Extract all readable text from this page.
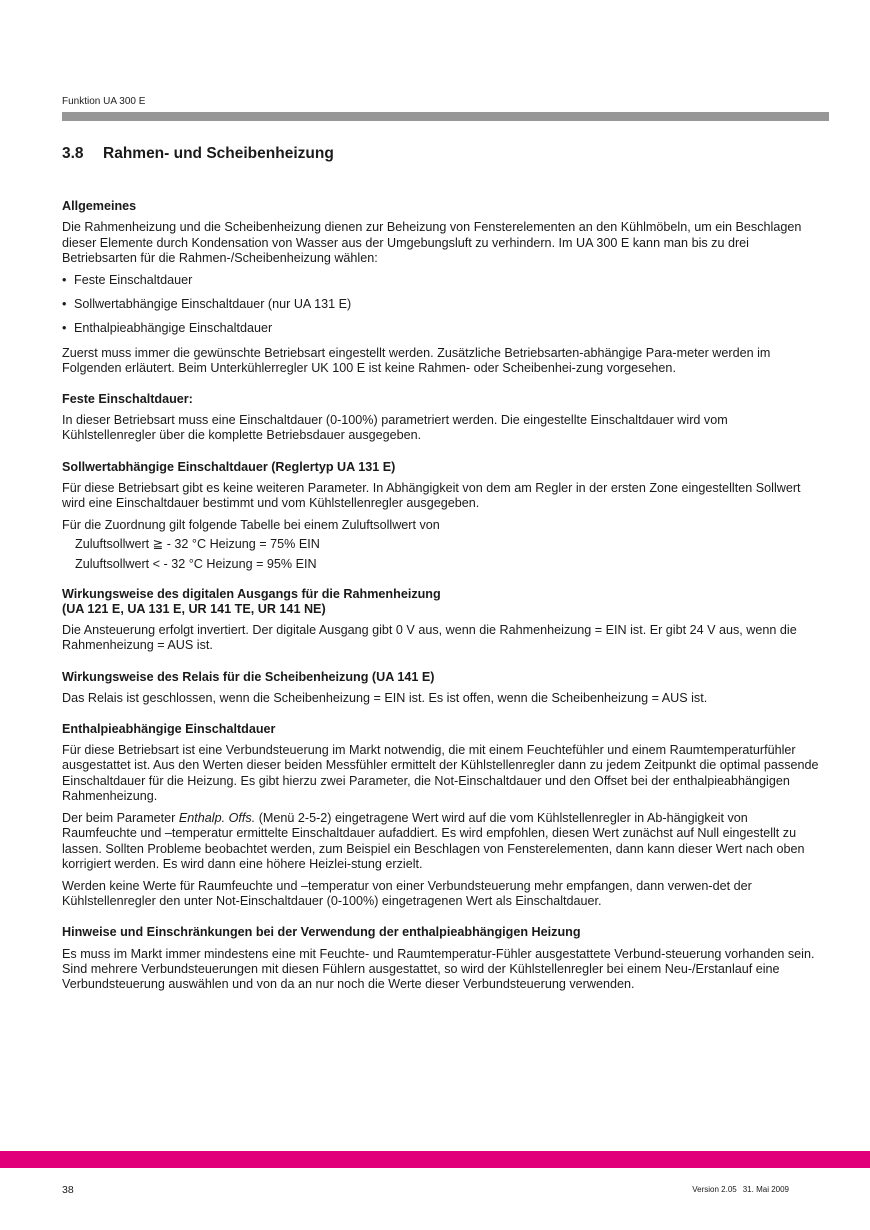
Funktion UA 300 E
3.8	Rahmen- und Scheibenheizung
Allgemeines

Die Rahmenheizung und die Scheibenheizung dienen zur Beheizung von Fensterelementen an den Kühlmöbeln, um ein Beschlagen dieser Elemente durch Kondensation von Wasser aus der Umgebungsluft zu verhindern. Im UA 300 E kann man bis zu drei Betriebsarten für die Rahmen-/Scheibenheizung wählen:

• Feste Einschaltdauer
• Sollwertabhängige Einschaltdauer (nur UA 131 E)
• Enthalpieabhängige Einschaltdauer

Zuerst muss immer die gewünschte Betriebsart eingestellt werden. Zusätzliche Betriebsarten-abhängige Para-meter werden im Folgenden erläutert. Beim Unterkühlerregler UK 100 E ist keine Rahmen- oder Scheibenhei-zung vorgesehen.

Feste Einschaltdauer:

In dieser Betriebsart muss eine Einschaltdauer (0-100%) parametriert werden. Die eingestellte Einschaltdauer wird vom Kühlstellenregler über die komplette Betriebsdauer ausgegeben.

Sollwertabhängige Einschaltdauer (Reglertyp UA 131 E)

Für diese Betriebsart gibt es keine weiteren Parameter. In Abhängigkeit von dem am Regler in der ersten Zone eingestellten Sollwert wird eine Einschaltdauer bestimmt und vom Kühlstellenregler ausgegeben.

Für die Zuordnung gilt folgende Tabelle bei einem Zuluftsollwert von

Zuluftsollwert ≧ - 32 °C Heizung = 75% EIN
Zuluftsollwert < - 32 °C Heizung = 95% EIN
Wirkungsweise des digitalen Ausgangs für die Rahmenheizung
(UA 121 E, UA 131 E, UR 141 TE, UR 141 NE)

Die Ansteuerung erfolgt invertiert. Der digitale Ausgang gibt 0 V aus, wenn die Rahmenheizung = EIN ist. Er gibt 24 V aus, wenn die Rahmenheizung = AUS ist.

Wirkungsweise des Relais für die Scheibenheizung (UA 141 E)

Das Relais ist geschlossen, wenn die Scheibenheizung = EIN ist. Es ist offen, wenn die Scheibenheizung = AUS ist.

Enthalpieabhängige Einschaltdauer

Für diese Betriebsart ist eine Verbundsteuerung im Markt notwendig, die mit einem Feuchtefühler und einem Raumtemperaturfühler ausgestattet ist. Aus den Werten dieser beiden Messfühler ermittelt der Kühlstellenregler dann zu jedem Zeitpunkt die optimal passende Einschaltdauer für die Heizung. Es gibt hierzu zwei Parameter, die Not-Einschaltdauer und den Offset bei der enthalpieabhängigen Rahmenheizung.

Der beim Parameter Enthalp. Offs. (Menü 2-5-2) eingetragene Wert wird auf die vom Kühlstellenregler in Ab-hängigkeit von Raumfeuchte und –temperatur ermittelte Einschaltdauer aufaddiert. Es wird empfohlen, diesen Wert zunächst auf Null eingestellt zu lassen. Sollten Probleme beobachtet werden, zum Beispiel ein Beschlagen von Fensterelementen, dann kann dieser Wert nach oben korrigiert werden. Es wird dann eine höhere Heizlei-stung erzielt.

Werden keine Werte für Raumfeuchte und –temperatur von einer Verbundsteuerung mehr empfangen, dann verwen-det der Kühlstellenregler den unter Not-Einschaltdauer (0-100%) eingetragenen Wert als Einschaltdauer.

Hinweise und Einschränkungen bei der Verwendung der enthalpieabhängigen Heizung

Es muss im Markt immer mindestens eine mit Feuchte- und Raumtemperatur-Fühler ausgestattete Verbund-steuerung vorhanden sein. Sind mehrere Verbundsteuerungen mit diesen Fühlern ausgestattet, so wird der Kühlstellenregler bei einem Neu-/Erstanlauf eine Verbundsteuerung auswählen und von da an nur noch die Werte dieser Verbundsteuerung verwenden.

38	Version 2.05 31. Mai 2009
